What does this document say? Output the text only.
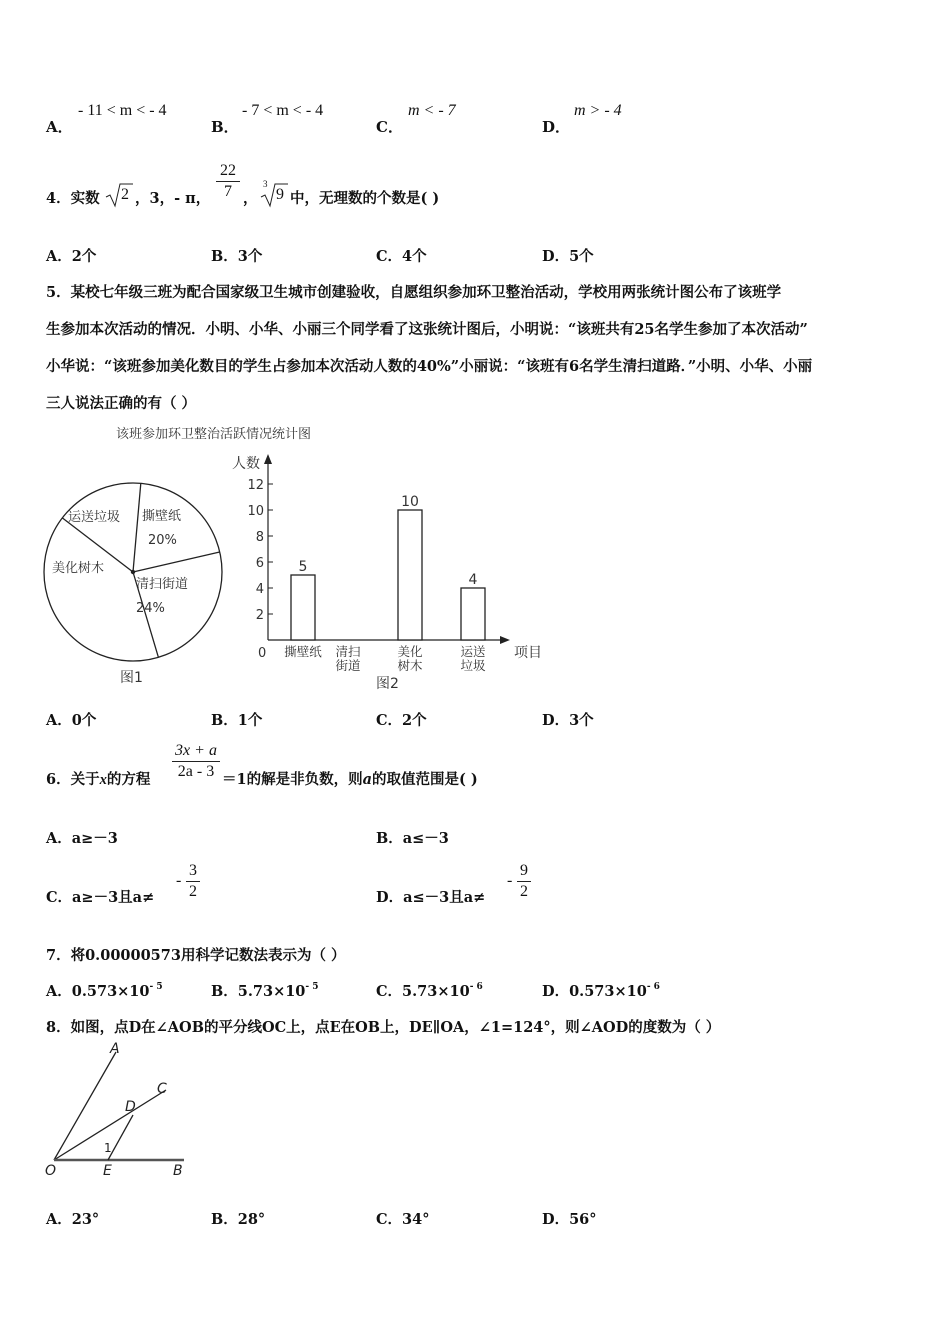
A．
- 11 < m < - 4
B．
- 7 < m < - 4
C．
m < - 7
D．
m > - 4
4．实数 2 ，3，- π，
22
7 ，
3
9 中，无理数的个数是( )
A．2个	B．3个	C．4个	D．5个
5．某校七年级三班为配合国家级卫生城市创建验收，自愿组织参加环卫整治活动，学校用两张统计图公布了该班学
生参加本次活动的情况．小明、小华、小丽三个同学看了这张统计图后，小明说：“该班共有25名学生参加了本次活动”
小华说：“该班参加美化数目的学生占参加本次活动人数的40%”小丽说：“该班有6名学生清扫道路．”小明、小华、小丽
三人说法正确的有（ ）
该班参加环卫整治活跃情况统计图
撕壁纸
20%
清扫街道
24%
美化树木
运送垃圾
图1
人数
项目
0
2
4
6
8
10
12
5
10
4
撕壁纸 清扫
街道
美化
树木
运送
垃圾
图2
A．0个	B．1个	C．2个	D．3个
6．关于x的方程
3x + a
2a - 3 ＝1的解是非负数，则a的取值范围是( )
A．a≥－3	B．a≤－3
C．a≥－3且a≠
-
3
2	D．a≤－3且a≠
-
9
2
7．将0.00000573用科学记数法表示为（ ）
A．$0.573\times 10^{- 5}$	B．$5.73\times 10^{- 5}$	C．$5.73\times 10^{- 6}$	D．$0.573\times 10^{- 6}$
8．如图，点D在∠AOB的平分线OC上，点E在OB上，DE∥OA，∠1=124°，则∠AOD的度数为（ ）
A
C
D
1
O	E	B
A．23°	B．28°	C．34°	D．56°
